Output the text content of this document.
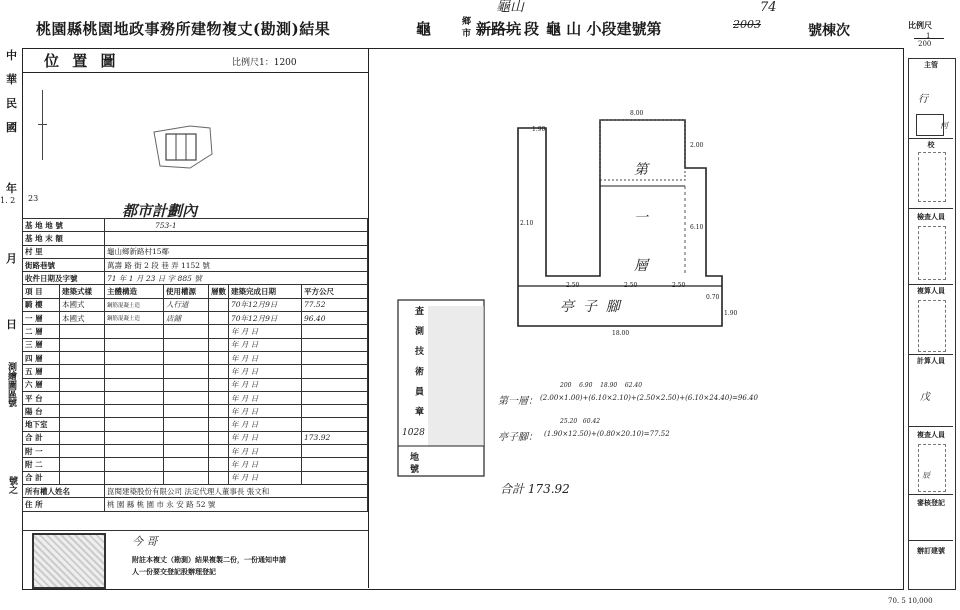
桃園縣桃園地政事務所建物複丈(勘測)結果	龜
龜山
鄉
市 新路坑 段 龜 山 小段建號第
74
2003	號棟次	比例尺
1
200
中
華
民
國
年
1. 2
月
日
測繪圖區號
號之
位 置 圖	比例尺1：1200
23
都市計劃內
基 地 地 號		753-1				
基 地 末 額						
村 里		龜山鄉新路村15鄰				
街路巷號		萬壽 路 街 2 段 巷 弄 1152 號				
收件日期及字號		71 年 1 月 23 日 字 885 號				
項 目	建築式樣	主體構造	使用權源	層數	建築完成日期	平方公尺
騎 樓	本國式	鋼筋混凝土造	人行道		70年12月9日	77.52
一 層	本國式	鋼筋混凝土造	店鋪		70年12月9日	96.40
二 層					年 月 日	
三 層					年 月 日	
四 層					年 月 日	
五 層					年 月 日	
六 層					年 月 日	
平 台					年 月 日	
陽 台					年 月 日	
地下室					年 月 日	
合 計					年 月 日	173.92
附 一					年 月 日	
附 二					年 月 日	
合 計					年 月 日	
所有權人姓名		崑閱建築股份有限公司 法定代理人董事長 張文和				
住 所		桃 園 縣 桃 園 市 永 安 路 52 號				
今 哥
附註本複丈（勘測）結果複製二份，一份通知申請
人一份要交登記股辦理登記
1.90
8.00
2.00
6.10
2.10
2.50	2.50	2.50
0.70
18.00
1.90
第
一
層
亭  子  腳
查 測 技 術 員 章
1028
地
號
200    6.90    18.90    62.40
第一層： (2.00×1.00)+(6.10×2.10)+(2.50×2.50)+(6.10×24.40)=96.40
25.20   60.42
亭子腳： (1.90×12.50)+(0.80×20.10)=77.52
合計 173.92
主管
行
校
檢查人員
複算人員
計算人員
戊
複查人員
審核登記
辦訂建號
何
辰
70. 5 10,000
